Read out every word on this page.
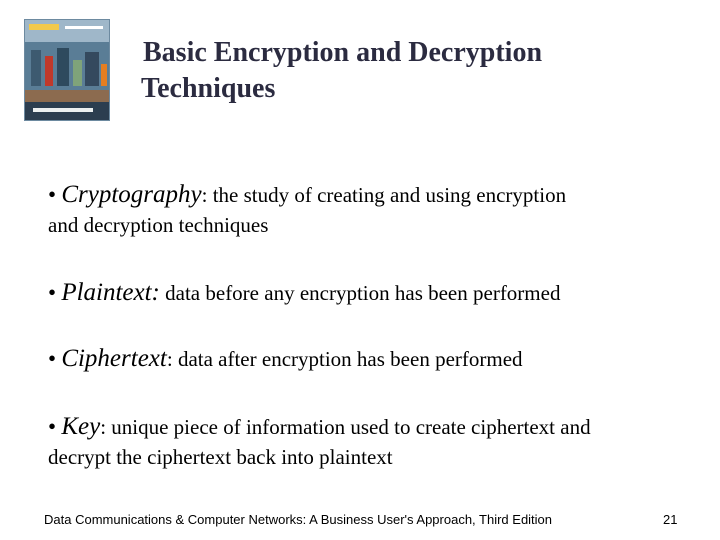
Basic Encryption and Decryption
Techniques
• Cryptography: the study of creating and using encryption
and decryption techniques
• Plaintext: data before any encryption has been performed
• Ciphertext: data after encryption has been performed
• Key: unique piece of information used to create ciphertext and
decrypt the ciphertext back into plaintext
Data Communications & Computer Networks: A Business User's Approach, Third Edition	21
